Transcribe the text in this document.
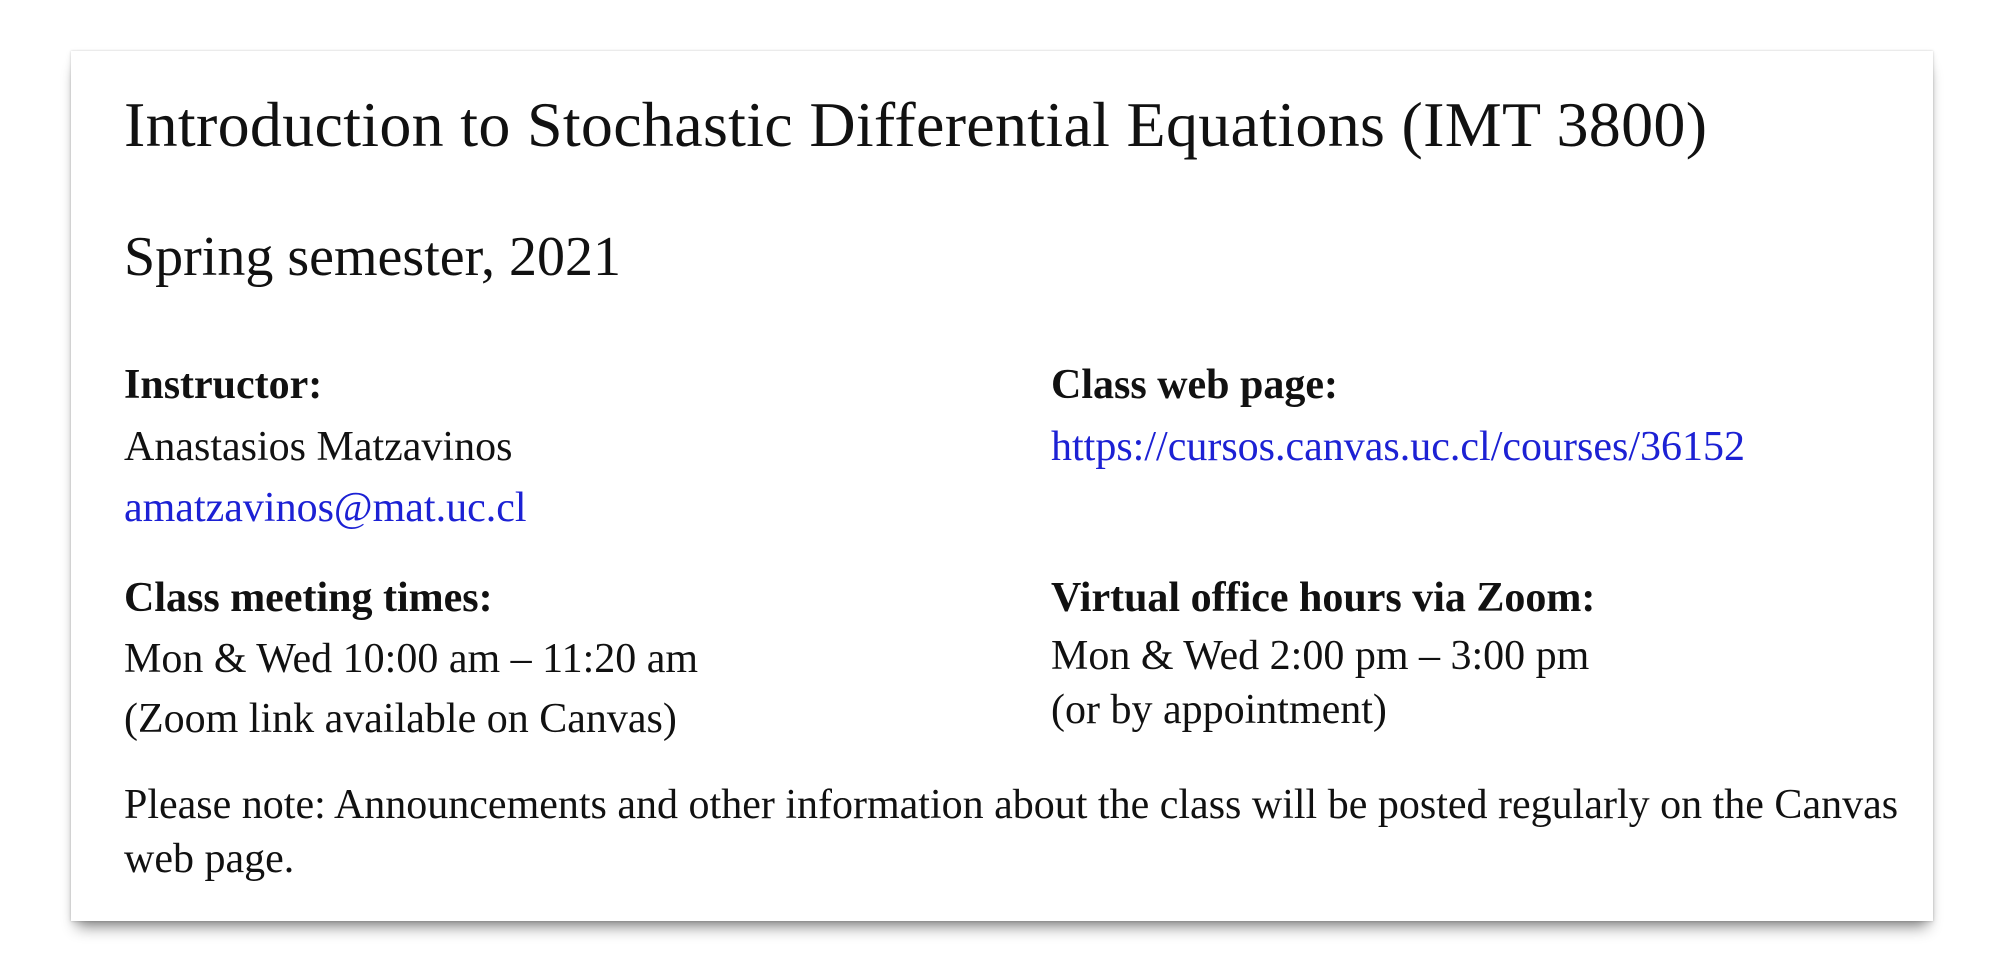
Introduction to Stochastic Differential Equations (IMT 3800)
Spring semester, 2021
Instructor:
Anastasios Matzavinos
amatzavinos@mat.uc.cl
Class web page:
https://cursos.canvas.uc.cl/courses/36152
Class meeting times:
Mon & Wed 10:00 am – 11:20 am
(Zoom link available on Canvas)
Virtual office hours via Zoom:
Mon & Wed 2:00 pm – 3:00 pm
(or by appointment)
Please note: Announcements and other information about the class will be posted regularly on the Canvas web page.
